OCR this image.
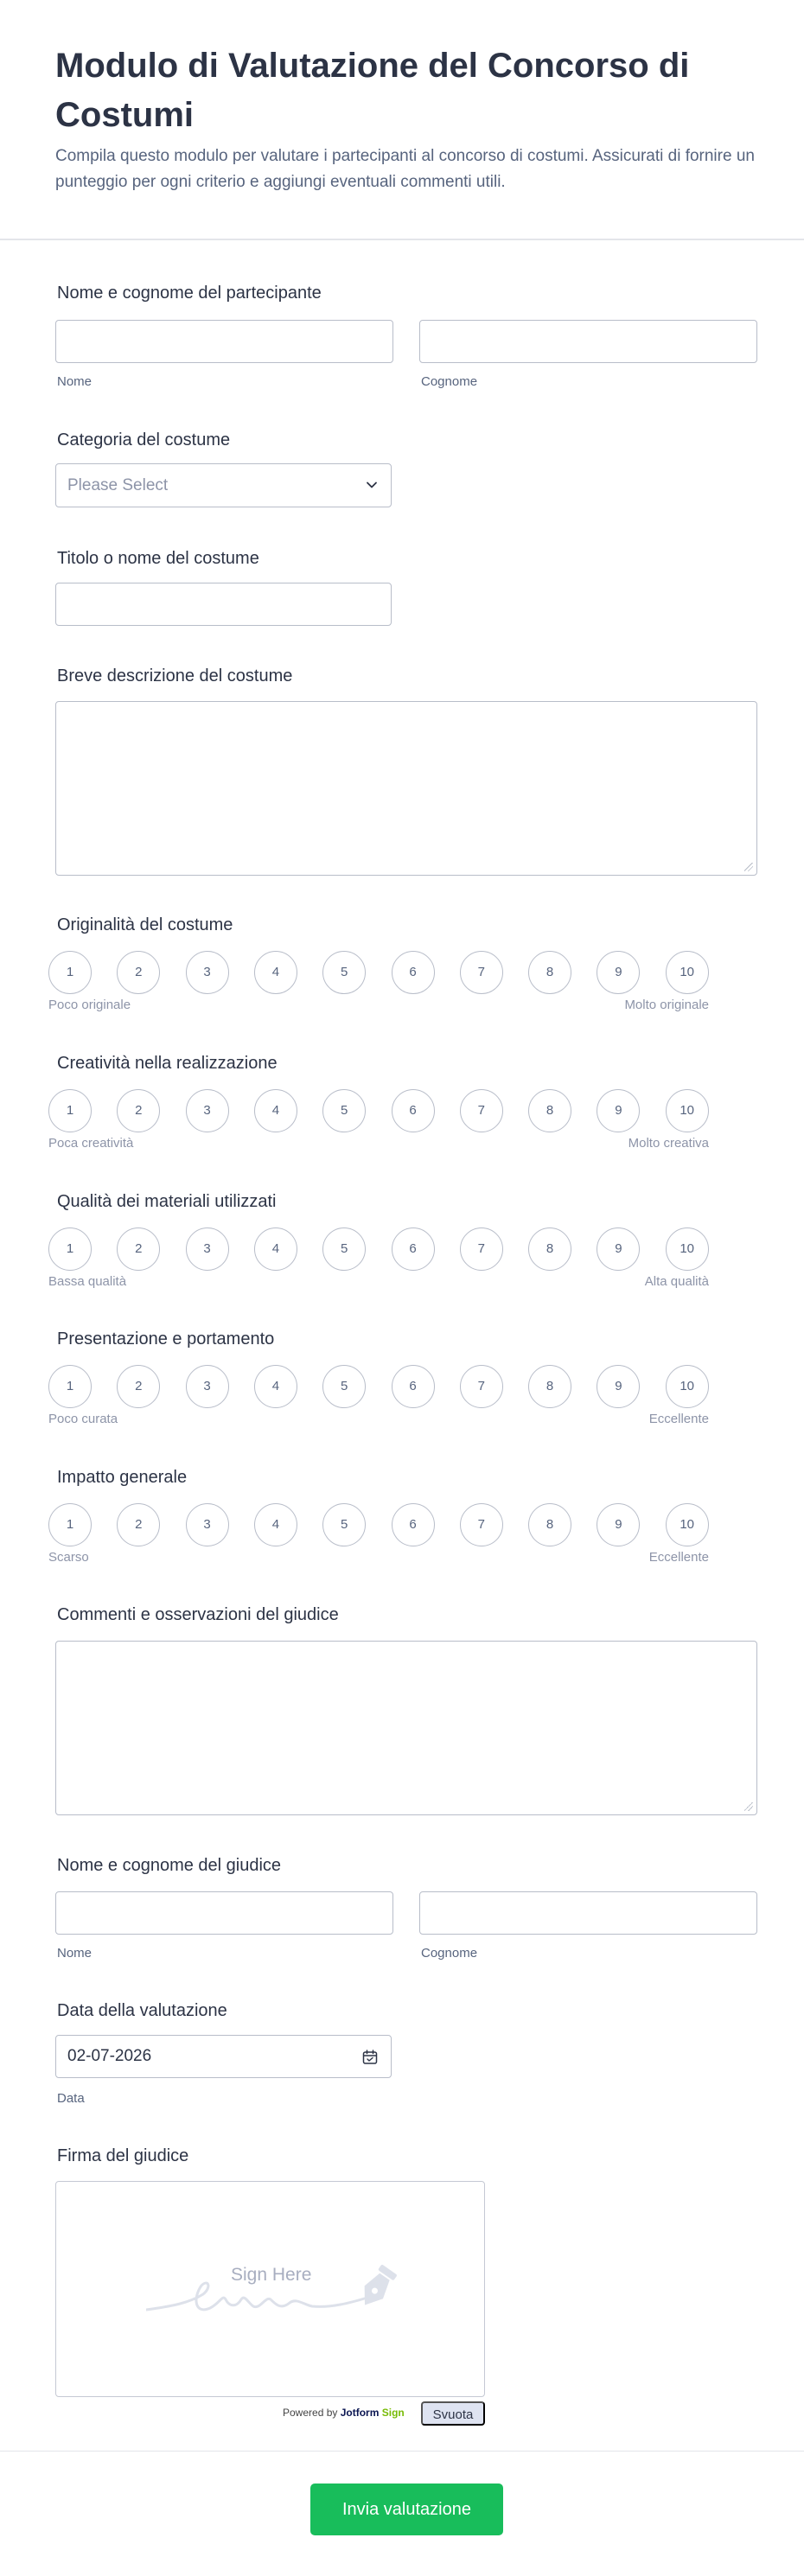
Modulo di Valutazione del Concorso di Costumi

Compila questo modulo per valutare i partecipanti al concorso di costumi. Assicurati di fornire un punteggio per ogni criterio e aggiungi eventuali commenti utili.

Nome e cognome del partecipante
Nome	Cognome
Categoria del costume
Please Select
Titolo o nome del costume
Breve descrizione del costume
Originalità del costume
1	2	3	4	5	6	7	8	9	10
Poco originale	Molto originale
Creatività nella realizzazione
1	2	3	4	5	6	7	8	9	10
Poca creatività	Molto creativa
Qualità dei materiali utilizzati
1	2	3	4	5	6	7	8	9	10
Bassa qualità	Alta qualità
Presentazione e portamento
1	2	3	4	5	6	7	8	9	10
Poco curata	Eccellente
Impatto generale
1	2	3	4	5	6	7	8	9	10
Scarso	Eccellente
Commenti e osservazioni del giudice
Nome e cognome del giudice
Nome	Cognome
Data della valutazione
02-07-2026
Data
Firma del giudice
Sign Here
Powered by Jotform Sign	Svuota
Invia valutazione
